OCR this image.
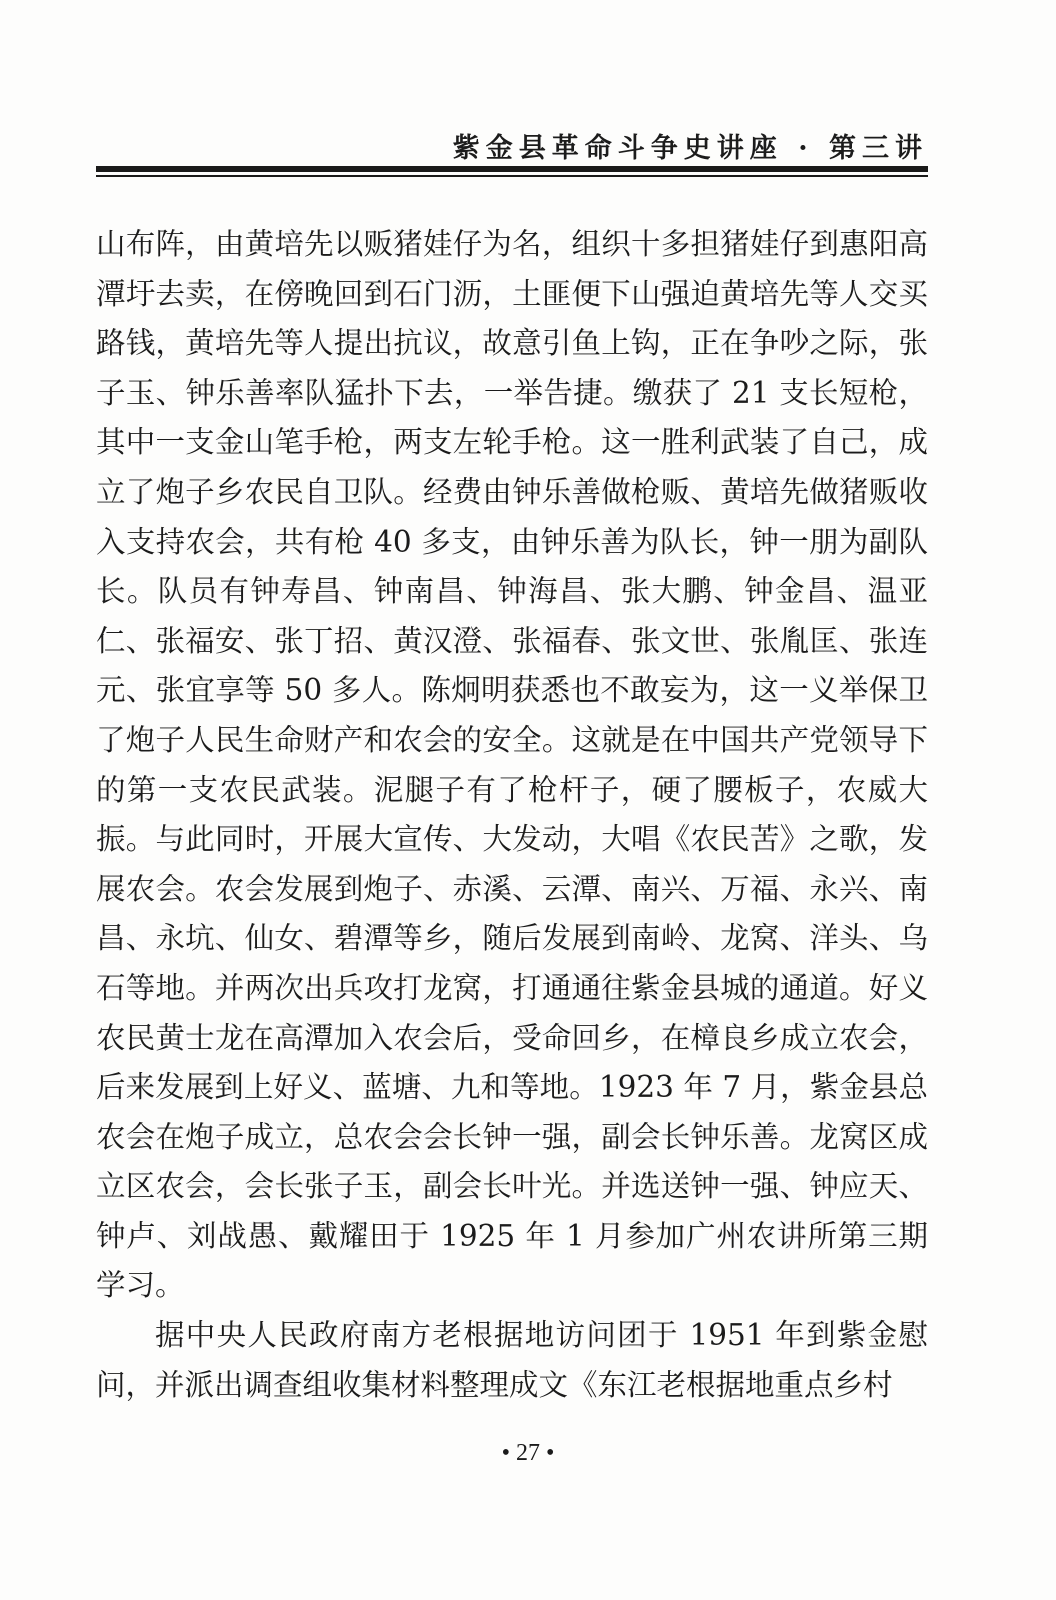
紫金县革命斗争史讲座 · 第三讲

山布阵，由黄培先以贩猪娃仔为名，组织十多担猪娃仔到惠阳高潭圩去卖，在傍晚回到石门沥，土匪便下山强迫黄培先等人交买路钱，黄培先等人提出抗议，故意引鱼上钩，正在争吵之际，张子玉、钟乐善率队猛扑下去，一举告捷。缴获了 21 支长短枪，其中一支金山笔手枪，两支左轮手枪。这一胜利武装了自己，成立了炮子乡农民自卫队。经费由钟乐善做枪贩、黄培先做猪贩收入支持农会，共有枪 40 多支，由钟乐善为队长，钟一朋为副队长。队员有钟寿昌、钟南昌、钟海昌、张大鹏、钟金昌、温亚仁、张福安、张丁招、黄汉澄、张福春、张文世、张胤匡、张连元、张宜享等 50 多人。陈炯明获悉也不敢妄为，这一义举保卫了炮子人民生命财产和农会的安全。这就是在中国共产党领导下的第一支农民武装。泥腿子有了枪杆子，硬了腰板子，农威大振。与此同时，开展大宣传、大发动，大唱《农民苦》之歌，发展农会。农会发展到炮子、赤溪、云潭、南兴、万福、永兴、南昌、永坑、仙女、碧潭等乡，随后发展到南岭、龙窝、洋头、乌石等地。并两次出兵攻打龙窝，打通通往紫金县城的通道。好义农民黄士龙在高潭加入农会后，受命回乡，在樟良乡成立农会，后来发展到上好义、蓝塘、九和等地。1923 年 7 月，紫金县总农会在炮子成立，总农会会长钟一强，副会长钟乐善。龙窝区成立区农会，会长张子玉，副会长叶光。并选送钟一强、钟应天、钟卢、刘战愚、戴耀田于 1925 年 1 月参加广州农讲所第三期学习。

据中央人民政府南方老根据地访问团于 1951 年到紫金慰问，并派出调查组收集材料整理成文《东江老根据地重点乡村

• 27 •
